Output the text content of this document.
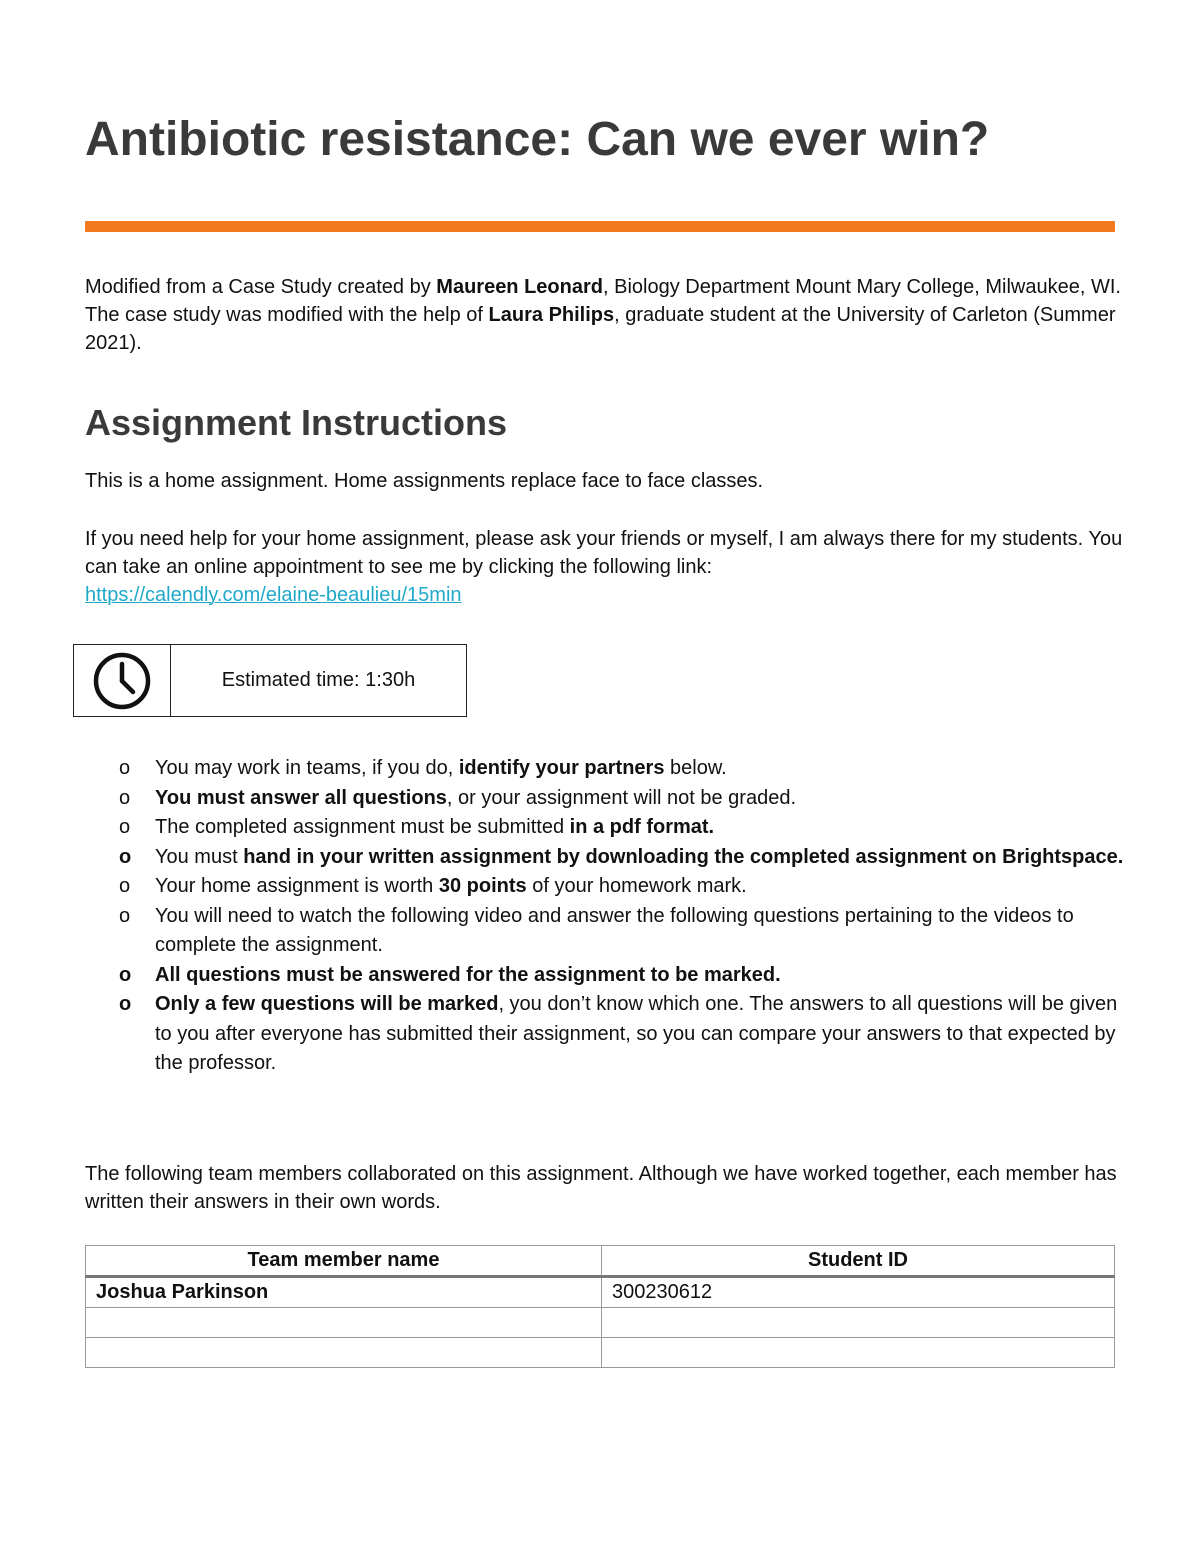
Antibiotic resistance: Can we ever win?

Modified from a Case Study created by Maureen Leonard, Biology Department Mount Mary College, Milwaukee, WI. The case study was modified with the help of Laura Philips, graduate student at the University of Carleton (Summer 2021).

Assignment Instructions

This is a home assignment. Home assignments replace face to face classes.

If you need help for your home assignment, please ask your friends or myself, I am always there for my students. You can take an online appointment to see me by clicking the following link:
https://calendly.com/elaine-beaulieu/15min

Estimated time: 1:30h
o You may work in teams, if you do, identify your partners below.
o You must answer all questions, or your assignment will not be graded.
o The completed assignment must be submitted in a pdf format.
o You must hand in your written assignment by downloading the completed assignment on Brightspace.
o Your home assignment is worth 30 points of your homework mark.
o You will need to watch the following video and answer the following questions pertaining to the videos to complete the assignment.
o All questions must be answered for the assignment to be marked.
o Only a few questions will be marked, you don’t know which one. The answers to all questions will be given to you after everyone has submitted their assignment, so you can compare your answers to that expected by the professor.

The following team members collaborated on this assignment. Although we have worked together, each member has written their answers in their own words.

Team member name	Student ID
Joshua Parkinson	300230612
